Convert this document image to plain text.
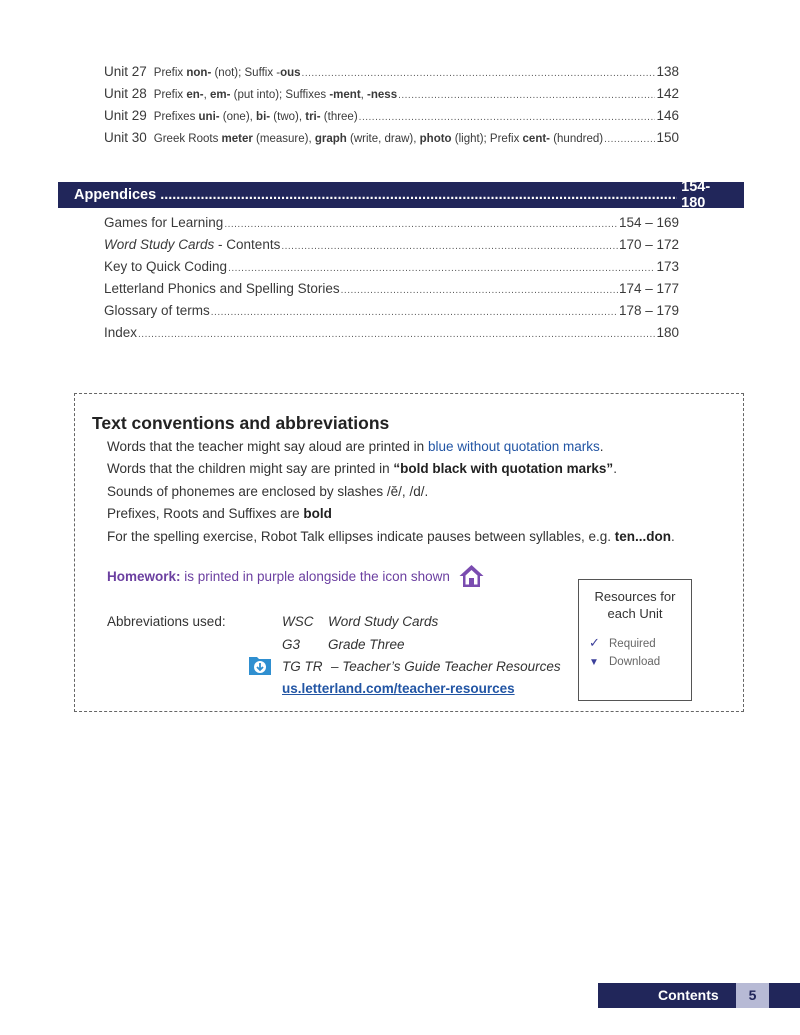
Unit 27 Prefix non- (not); Suffix -ous .....	138
Unit 28 Prefix en-, em- (put into); Suffixes -ment, -ness .....	142
Unit 29 Prefixes uni- (one), bi- (two), tri- (three) .....	146
Unit 30 Greek Roots meter (measure), graph (write, draw), photo (light); Prefix cent- (hundred) .....	150
Appendices .....	154-180
Games for Learning .....	154 – 169
Word Study Cards - Contents .....	170 – 172
Key to Quick Coding .....	173
Letterland Phonics and Spelling Stories .....	174 – 177
Glossary of terms .....	178 – 179
Index .....	180
Text conventions and abbreviations
Words that the teacher might say aloud are printed in blue without quotation marks.
Words that the children might say are printed in “bold black with quotation marks”.
Sounds of phonemes are enclosed by slashes /ĕ/, /d/.
Prefixes, Roots and Suffixes are bold
For the spelling exercise, Robot Talk ellipses indicate pauses between syllables, e.g. ten...don.
Homework: is printed in purple alongside the icon shown
Abbreviations used:	WSC Word Study Cards
G3 Grade Three
TG TR – Teacher’s Guide Teacher Resources
us.letterland.com/teacher-resources
Resources for
each Unit
✓ Required
▼ Download
Contents	5
